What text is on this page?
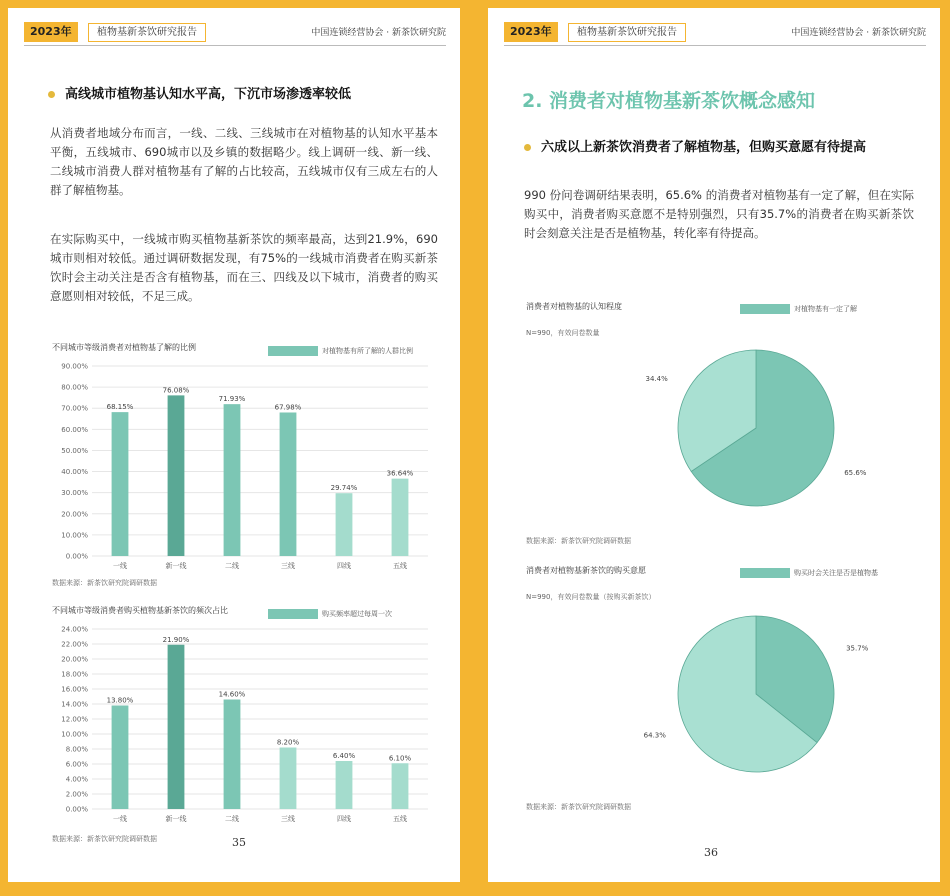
2023年	植物基新茶饮研究报告	中国连锁经营协会 · 新茶饮研究院
高线城市植物基认知水平高，下沉市场渗透率较低
从消费者地域分布而言，一线、二线、三线城市在对植物基的认知水平基本平衡，五线城市、690城市以及乡镇的数据略少。线上调研一线、新一线、二线城市消费人群对植物基有了解的占比较高，五线城市仅有三成左右的人群了解植物基。
在实际购买中，一线城市购买植物基新茶饮的频率最高，达到21.9%，690城市则相对较低。通过调研数据发现，有75%的一线城市消费者在购买新茶饮时会主动关注是否含有植物基，而在三、四线及以下城市，消费者的购买意愿则相对较低，不足三成。
不同城市等级消费者对植物基了解的比例	对植物基有所了解的人群比例
0.00%
10.00%
20.00%
30.00%
40.00%
50.00%
60.00%
70.00%
80.00%
90.00%
68.15%
一线
76.08%
新一线
71.93%
二线
67.98%
三线
29.74%
四线
36.64%
五线
数据来源：新茶饮研究院调研数据
不同城市等级消费者购买植物基新茶饮的频次占比	购买频率超过每周一次
0.00%
2.00%
4.00%
6.00%
8.00%
10.00%
12.00%
14.00%
16.00%
18.00%
20.00%
22.00%
24.00%
13.80%
一线
21.90%
新一线
14.60%
二线
8.20%
三线
6.40%
四线
6.10%
五线
数据来源：新茶饮研究院调研数据	35
2023年	植物基新茶饮研究报告	中国连锁经营协会 · 新茶饮研究院
2. 消费者对植物基新茶饮概念感知
六成以上新茶饮消费者了解植物基，但购买意愿有待提高
990 份问卷调研结果表明，65.6% 的消费者对植物基有一定了解，但在实际购买中，消费者购买意愿不是特别强烈，只有35.7%的消费者在购买新茶饮时会刻意关注是否是植物基，转化率有待提高。
消费者对植物基的认知程度	对植物基有一定了解
N=990，有效问卷数量
65.6%
34.4%
数据来源：新茶饮研究院调研数据
消费者对植物基新茶饮的购买意愿	购买时会关注是否是植物基
N=990，有效问卷数量（按购买新茶饮）
35.7%
64.3%
数据来源：新茶饮研究院调研数据
36
